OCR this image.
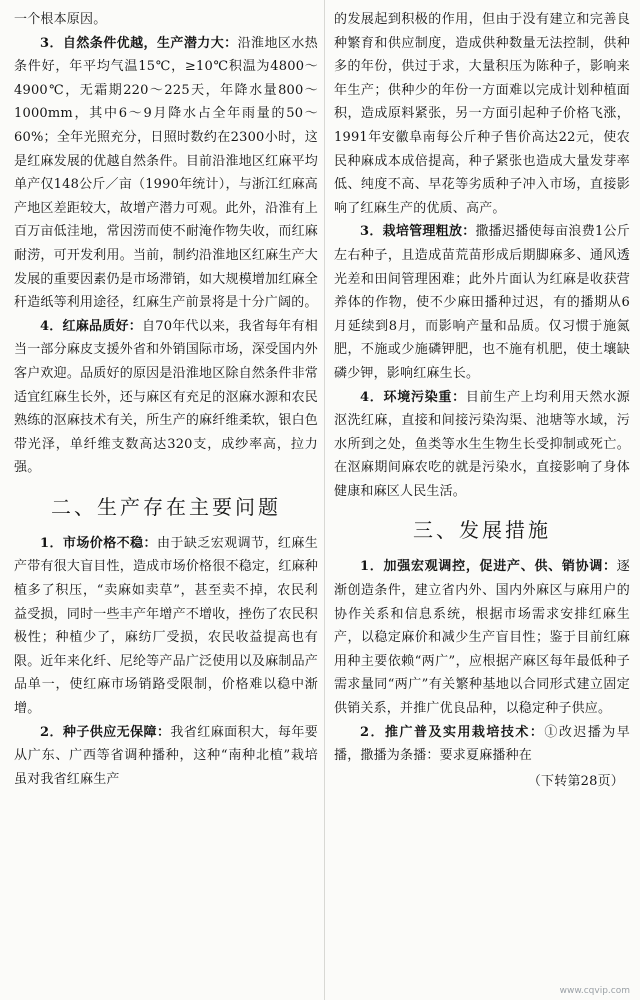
一个根本原因。

3．自然条件优越，生产潜力大：沿淮地区水热条件好，年平均气温15℃，≥10℃积温为4800～4900℃，无霜期220～225天，年降水量800～1000mm，其中6～9月降水占全年雨量的50～60%；全年光照充分，日照时数约在2300小时，这是红麻发展的优越自然条件。目前沿淮地区红麻平均单产仅148公斤／亩（1990年统计），与浙江红麻高产地区差距较大，故增产潜力可观。此外，沿淮有上百万亩低洼地，常因涝而使不耐淹作物失收，而红麻耐涝，可开发利用。当前，制约沿淮地区红麻生产大发展的重要因素仍是市场滞销，如大规模增加红麻全秆造纸等利用途径，红麻生产前景将是十分广阔的。

4．红麻品质好：自70年代以来，我省每年有相当一部分麻皮支援外省和外销国际市场，深受国内外客户欢迎。品质好的原因是沿淮地区除自然条件非常适宜红麻生长外，还与麻区有充足的沤麻水源和农民熟练的沤麻技术有关，所生产的麻纤维柔软，银白色带光泽，单纤维支数高达320支，成纱率高，拉力强。

二、生产存在主要问题

1．市场价格不稳：由于缺乏宏观调节，红麻生产带有很大盲目性，造成市场价格很不稳定，红麻种植多了积压，“卖麻如卖草”，甚至卖不掉，农民利益受损，同时一些丰产年增产不增收，挫伤了农民积极性；种植少了，麻纺厂受损，农民收益提高也有限。近年来化纤、尼纶等产品广泛使用以及麻制品产品单一，使红麻市场销路受限制，价格难以稳中渐增。

2．种子供应无保障：我省红麻面积大，每年要从广东、广西等省调种播种，这种“南种北植”栽培虽对我省红麻生产

的发展起到积极的作用，但由于没有建立和完善良种繁育和供应制度，造成供种数量无法控制，供种多的年份，供过于求，大量积压为陈种子，影响来年生产；供种少的年份一方面难以完成计划种植面积，造成原料紧张，另一方面引起种子价格飞涨，1991年安徽阜南每公斤种子售价高达22元，使农民种麻成本成倍提高，种子紧张也造成大量发芽率低、纯度不高、早花等劣质种子冲入市场，直接影响了红麻生产的优质、高产。

3．栽培管理粗放：撒播迟播使每亩浪费1公斤左右种子，且造成苗荒苗形成后期脚麻多、通风透光差和田间管理困难；此外片面认为红麻是收获营养体的作物，使不少麻田播种过迟，有的播期从6月延续到8月，而影响产量和品质。仅习惯于施氮肥，不施或少施磷钾肥，也不施有机肥，使土壤缺磷少钾，影响红麻生长。

4．环境污染重：目前生产上均利用天然水源沤洗红麻，直接和间接污染沟渠、池塘等水域，污水所到之处，鱼类等水生生物生长受抑制或死亡。在沤麻期间麻农吃的就是污染水，直接影响了身体健康和麻区人民生活。

三、发展措施

1．加强宏观调控，促进产、供、销协调：逐渐创造条件，建立省内外、国内外麻区与麻用户的协作关系和信息系统，根据市场需求安排红麻生产，以稳定麻价和减少生产盲目性；鉴于目前红麻用种主要依赖“两广”，应根据产麻区每年最低种子需求量同“两广”有关繁种基地以合同形式建立固定供销关系，并推广优良品种，以稳定种子供应。

2．推广普及实用栽培技术：①改迟播为早播，撒播为条播：要求夏麻播种在

（下转第28页）
www.cqvip.com
